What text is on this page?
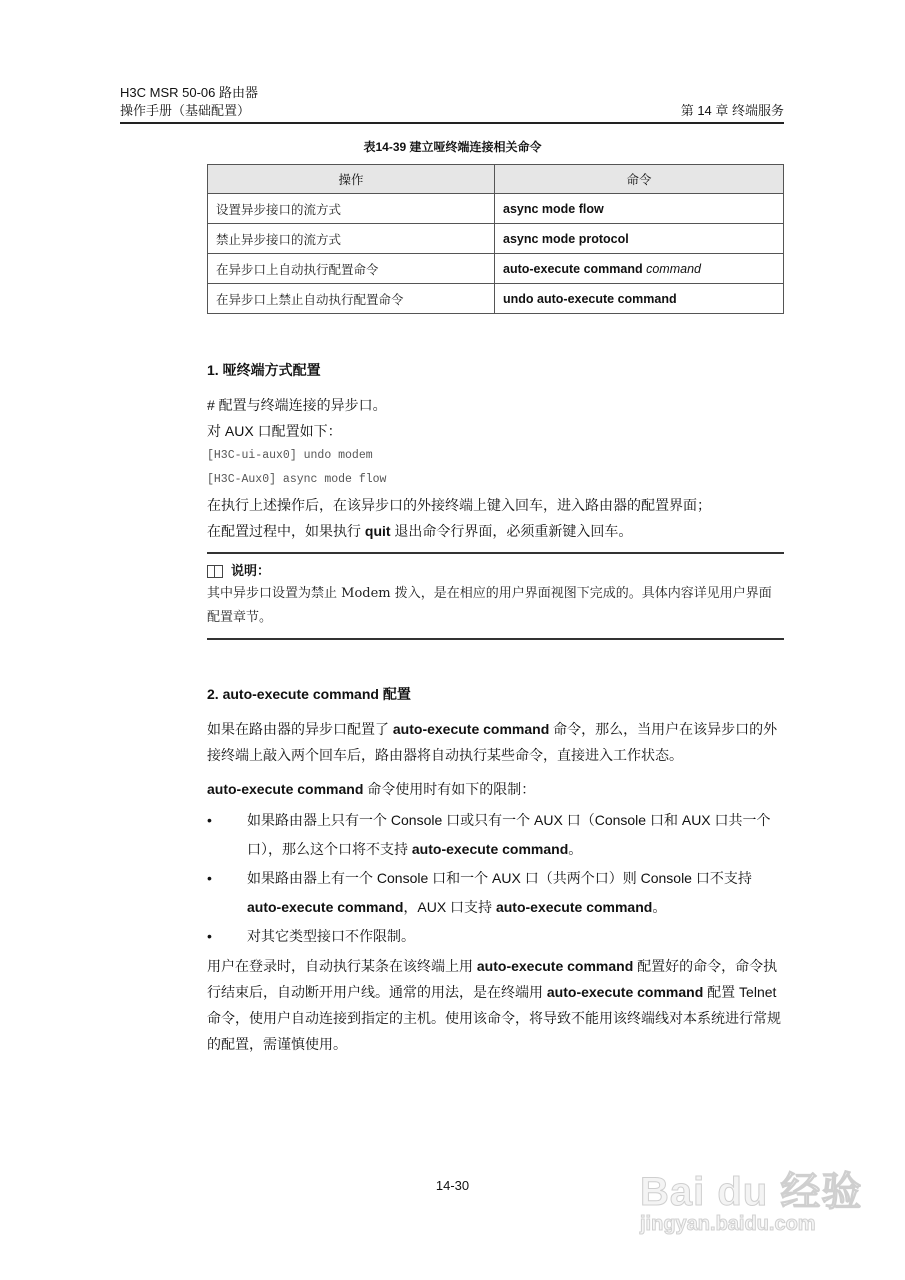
H3C MSR 50-06 路由器
操作手册（基础配置）	第 14 章 终端服务
表14-39 建立哑终端连接相关命令
操作	命令
设置异步接口的流方式	async mode flow
禁止异步接口的流方式	async mode protocol
在异步口上自动执行配置命令	auto-execute command command
在异步口上禁止自动执行配置命令	undo auto-execute command
1. 哑终端方式配置

# 配置与终端连接的异步口。

对 AUX 口配置如下：

[H3C-ui-aux0] undo modem
[H3C-Aux0] async mode flow

在执行上述操作后，在该异步口的外接终端上键入回车，进入路由器的配置界面；

在配置过程中，如果执行 quit 退出命令行界面，必须重新键入回车。

说明：
其中异步口设置为禁止 Modem 拨入，是在相应的用户界面视图下完成的。具体内容详见用户界面配置章节。
2. auto-execute command 配置

如果在路由器的异步口配置了 auto-execute command 命令，那么，当用户在该异步口的外接终端上敲入两个回车后，路由器将自动执行某些命令，直接进入工作状态。

auto-execute command 命令使用时有如下的限制：

•	如果路由器上只有一个 Console 口或只有一个 AUX 口（Console 口和 AUX 口共一个口），那么这个口将不支持 auto-execute command。
•	如果路由器上有一个 Console 口和一个 AUX 口（共两个口）则 Console 口不支持 auto-execute command，AUX 口支持 auto-execute command。
•	对其它类型接口不作限制。

用户在登录时，自动执行某条在该终端上用 auto-execute command 配置好的命令，命令执行结束后，自动断开用户线。通常的用法，是在终端用 auto-execute command 配置 Telnet 命令，使用户自动连接到指定的主机。使用该命令，将导致不能用该终端线对本系统进行常规的配置，需谨慎使用。

14-30	Bai du 经验
jingyan.baidu.com
